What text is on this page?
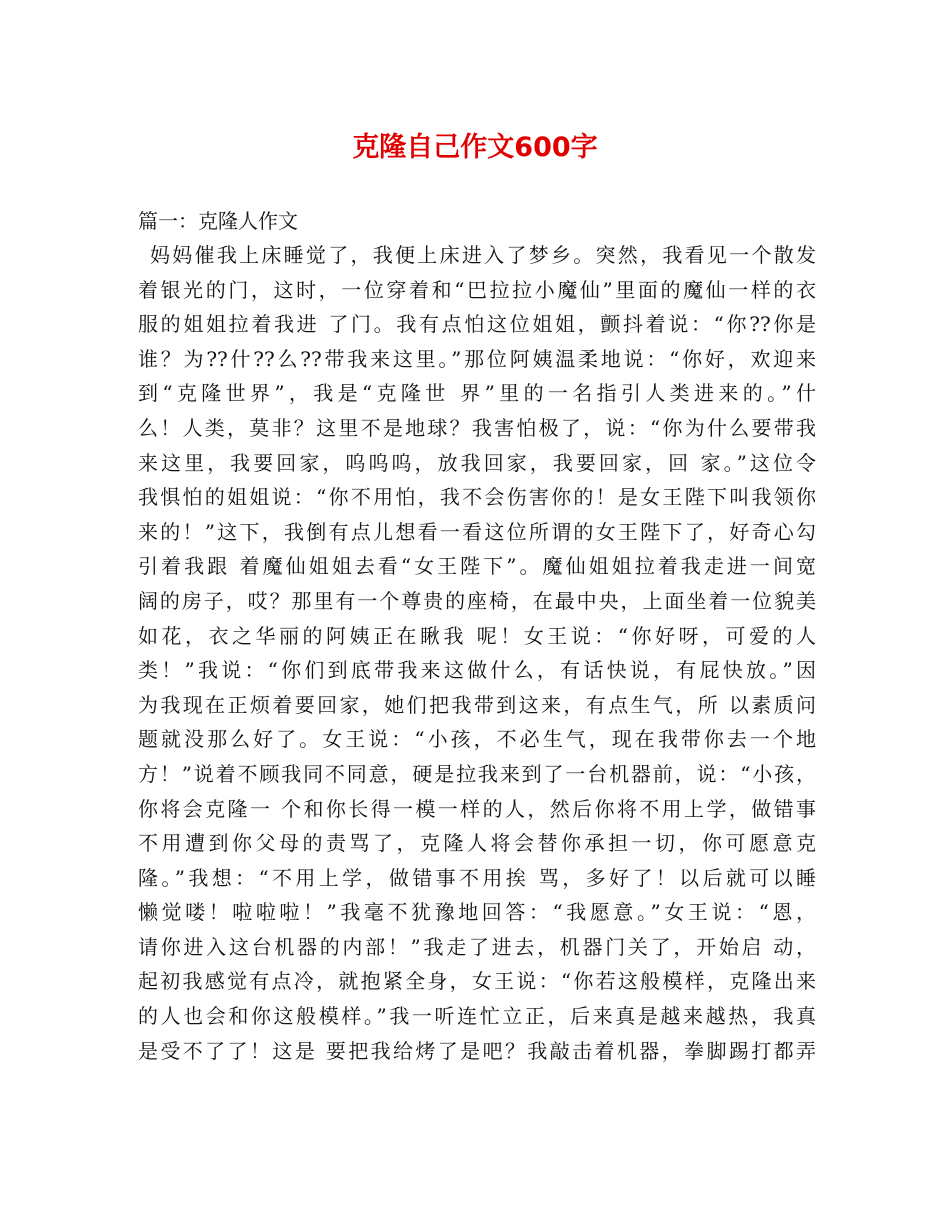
克隆自己作文600字
篇一：克隆人作文
妈妈催我上床睡觉了，我便上床进入了梦乡。突然，我看见一个散发
着银光的门，这时，一位穿着和“巴拉拉小魔仙”里面的魔仙一样的衣
服的姐姐拉着我进 了门。我有点怕这位姐姐，颤抖着说：“你??你是
谁？为??什??么??带我来这里。”那位阿姨温柔地说：“你好，欢迎来
到“克隆世界”，我是“克隆世 界”里的一名指引人类进来的。”什
么！人类，莫非？这里不是地球？我害怕极了，说：“你为什么要带我
来这里，我要回家，呜呜呜，放我回家，我要回家，回 家。”这位令
我惧怕的姐姐说：“你不用怕，我不会伤害你的！是女王陛下叫我领你
来的！”这下，我倒有点儿想看一看这位所谓的女王陛下了，好奇心勾
引着我跟 着魔仙姐姐去看“女王陛下”。魔仙姐姐拉着我走进一间宽
阔的房子，哎？那里有一个尊贵的座椅，在最中央，上面坐着一位貌美
如花，衣之华丽的阿姨正在瞅我 呢！女王说：“你好呀，可爱的人
类！”我说：“你们到底带我来这做什么，有话快说，有屁快放。”因
为我现在正烦着要回家，她们把我带到这来，有点生气，所 以素质问
题就没那么好了。女王说：“小孩，不必生气，现在我带你去一个地
方！”说着不顾我同不同意，硬是拉我来到了一台机器前，说：“小孩，
你将会克隆一 个和你长得一模一样的人，然后你将不用上学，做错事
不用遭到你父母的责骂了，克隆人将会替你承担一切，你可愿意克
隆。”我想：“不用上学，做错事不用挨 骂，多好了！以后就可以睡
懒觉喽！啦啦啦！”我毫不犹豫地回答：“我愿意。”女王说：“恩，
请你进入这台机器的内部！”我走了进去，机器门关了，开始启 动，
起初我感觉有点冷，就抱紧全身，女王说：“你若这般模样，克隆出来
的人也会和你这般模样。”我一听连忙立正，后来真是越来越热，我真
是受不了了！这是 要把我给烤了是吧？我敲击着机器，拳脚踢打都弄
